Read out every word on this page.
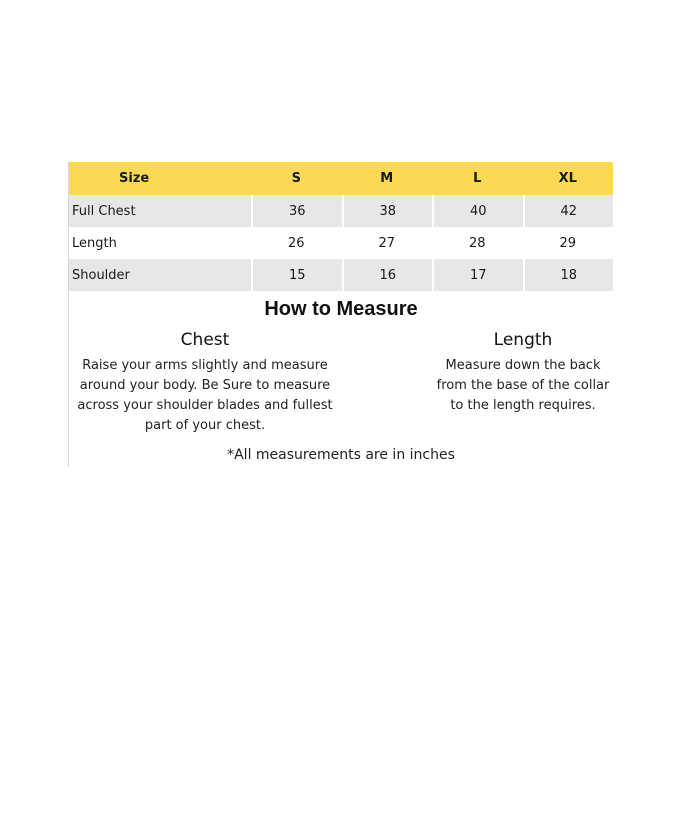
Size	S	M	L	XL
Full Chest	36	38	40	42
Length	26	27	28	29
Shoulder	15	16	17	18
How to Measure
Chest
Raise your arms slightly and measure
around your body. Be Sure to measure
across your shoulder blades and fullest
part of your chest.
Length
Measure down the back
from the base of the collar
to the length requires.
*All measurements are in inches
